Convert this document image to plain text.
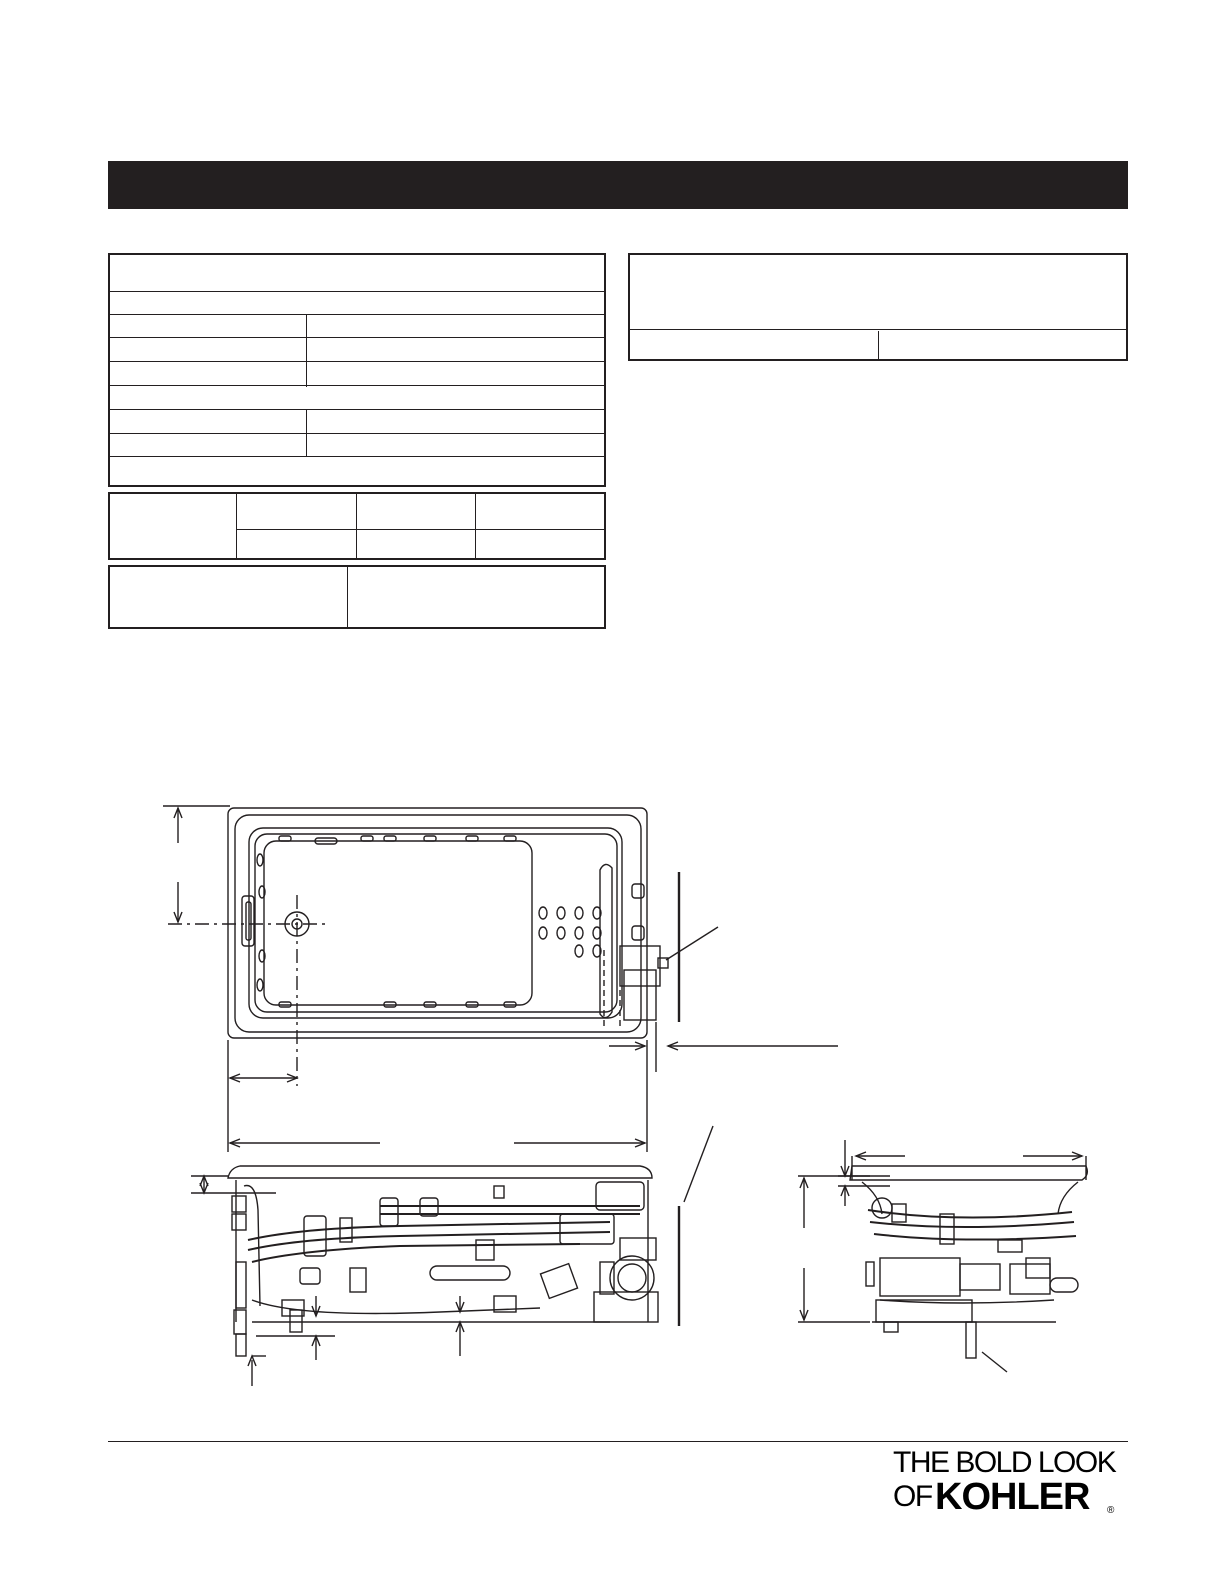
THE BOLD LOOK
OF KOHLER ®
